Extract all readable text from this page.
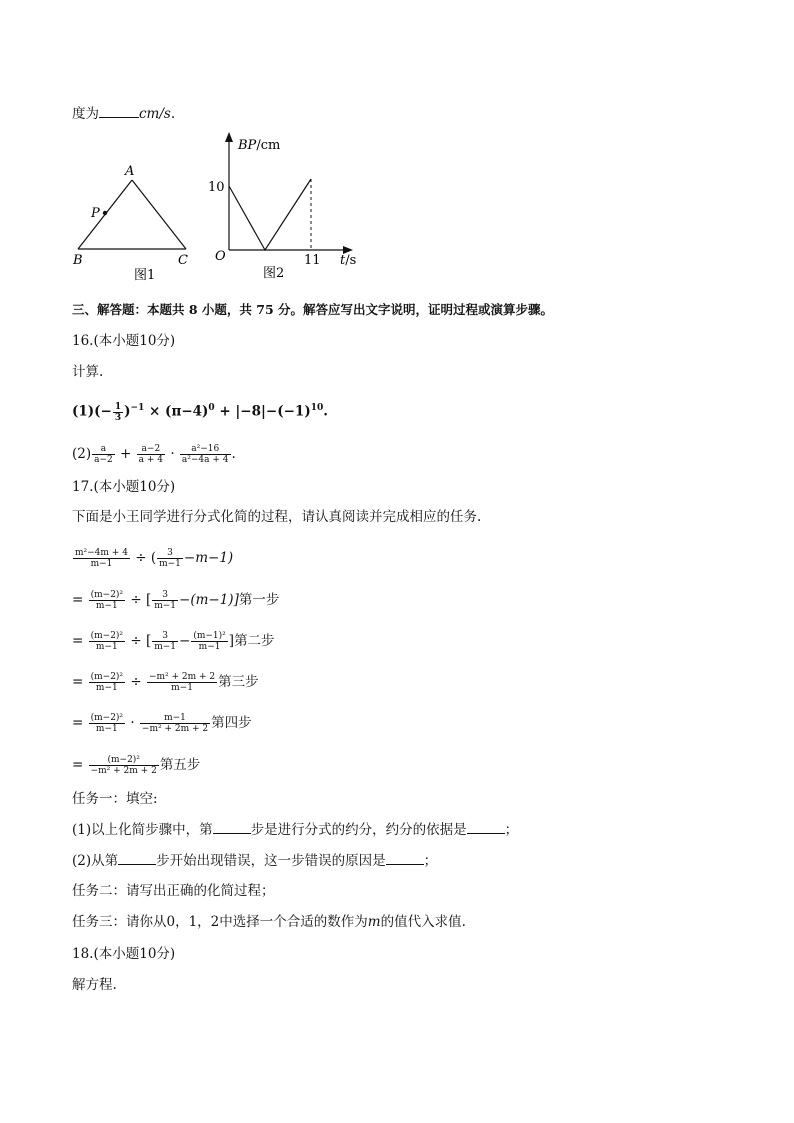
度为	cm/s.
A
P
B	C
图1
BP/cm
10
O	11 t/s
图2
三、解答题：本题共 8 小题，共 75 分。解答应写出文字说明，证明过程或演算步骤。
16.(本小题10分)
计算.
$(1)(- \frac{1}{3} )^{-1} \times (\pi-4)^0 + |-8|-(-1)^{10}$.
$(2) \frac{a}{a-2} + \frac{a-2}{a + 4} \cdot \frac{\text{a²−16}}{\text{a²−4a + 4}}$ .
17.(本小题10分)
下面是小王同学进行分式化简的过程，请认真阅读并完成相应的任务.
$\frac{\text{m²−4m + 4}}{m-1}$ ÷ ( $\frac{3}{m-1} -m-1$)
= $\frac{\text{(m−2)²}}{m-1}$ ÷ [ $\frac{3}{m-1} -(m-1)$]第一步
= $\frac{\text{(m−2)²}}{m-1}$ ÷ [ $\frac{3}{m-1} - \frac{\text{(m−1)²}}{m-1}$ ]第二步
= $\frac{\text{(m−2)²}}{m-1} \div \frac{\text{−m² + 2m + 2}}{m-1}$ 第三步
= $\frac{\text{(m−2)²}}{m-1} \cdot \frac{m-1}{\text{−m² + 2m + 2}}$ 第四步
= $\frac{\text{(m−2)²}}{\text{−m² + 2m + 2}}$ 第五步
任务一：填空:
(1)以上化简步骤中，第	步是进行分式的约分，约分的依据是	；
(2)从第	步开始出现错误，这一步错误的原因是	；
任务二：请写出正确的化简过程；
任务三：请你从0，1，2中选择一个合适的数作为m的值代入求值.
18.(本小题10分)
解方程.
